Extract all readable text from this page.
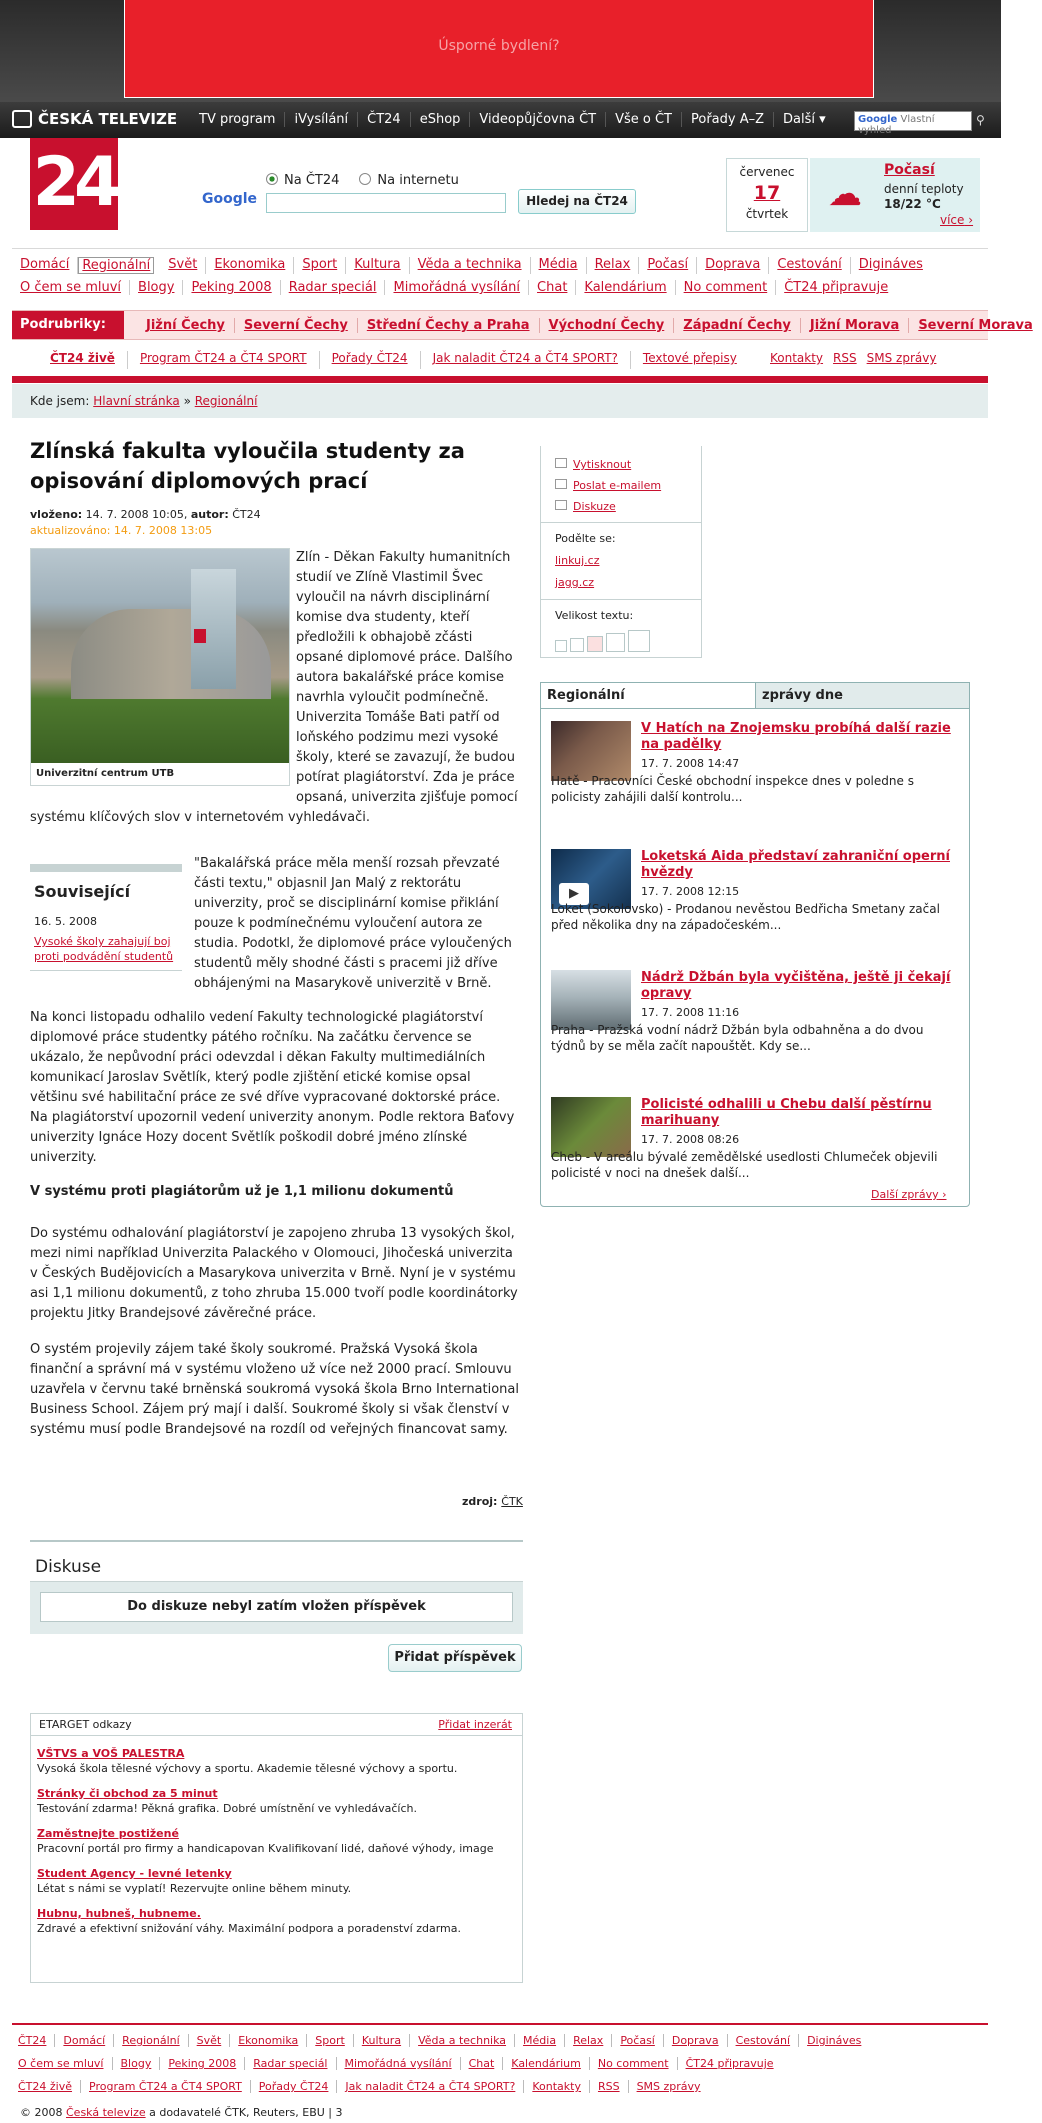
Úsporné bydlení?
ČESKÁ TELEVIZE	TV program	iVysílání	ČT24	eShop	Videopůjčovna ČT	Vše o ČT	Pořady A–Z	Další ▾	Google Vlastní vyhled
⚲
24	Google
Na ČT24	Na internetu
Hledej na ČT24
červenec
17
čtvrtek	☁
Počasí
denní teploty
18/22 °C
více ›
Domácí	Regionální	Svět	Ekonomika	Sport	Kultura	Věda a technika	Média	Relax	Počasí	Doprava	Cestování	Digináves
O čem se mluví	Blogy	Peking 2008	Radar speciál	Mimořádná vysílání	Chat	Kalendárium	No comment	ČT24 připravuje
Podrubriky:	Jižní Čechy	Severní Čechy	Střední Čechy a Praha	Východní Čechy	Západní Čechy	Jižní Morava	Severní Morava
ČT24 živě	Program ČT24 a ČT4 SPORT	Pořady ČT24	Jak naladit ČT24 a ČT4 SPORT?	Textové přepisy	Kontakty RSS SMS zprávy
Kde jsem: Hlavní stránka » Regionální
Zlínská fakulta vyloučila studenty za opisování diplomových prací
vloženo: 14. 7. 2008 10:05, autor: ČT24
aktualizováno: 14. 7. 2008 13:05
Zlín - Děkan Fakulty humanitních studií ve Zlíně Vlastimil Švec vyloučil na návrh disciplinární komise dva studenty, kteří předložili k obhajobě zčásti opsané diplomové práce. Dalšího autora bakalářské práce komise navrhla vyloučit podmínečně. Univerzita Tomáše Bati patří od loňského podzimu mezi vysoké školy, které se zavazují, že budou potírat plagiátorství. Zda je práce opsaná, univerzita zjišťuje pomocí systému klíčových slov v internetovém vyhledávači.
Univerzitní centrum UTB
Související
16. 5. 2008
Vysoké školy zahajují boj proti podvádění studentů
"Bakalářská práce měla menší rozsah převzaté části textu," objasnil Jan Malý z rektorátu univerzity, proč se disciplinární komise přiklání pouze k podmínečnému vyloučení autora ze studia. Podotkl, že diplomové práce vyloučených studentů měly shodné části s pracemi již dříve obhájenými na Masarykově univerzitě v Brně.
Na konci listopadu odhalilo vedení Fakulty technologické plagiátorství diplomové práce studentky pátého ročníku. Na začátku července se ukázalo, že nepůvodní práci odevzdal i děkan Fakulty multimediálních komunikací Jaroslav Světlík, který podle zjištění etické komise opsal většinu své habilitační práce ze své dříve vypracované doktorské práce. Na plagiátorství upozornil vedení univerzity anonym. Podle rektora Baťovy univerzity Ignáce Hozy docent Světlík poškodil dobré jméno zlínské univerzity.
V systému proti plagiátorům už je 1,1 milionu dokumentů
Do systému odhalování plagiátorství je zapojeno zhruba 13 vysokých škol, mezi nimi například Univerzita Palackého v Olomouci, Jihočeská univerzita v Českých Budějovicích a Masarykova univerzita v Brně. Nyní je v systému asi 1,1 milionu dokumentů, z toho zhruba 15.000 tvoří podle koordinátorky projektu Jitky Brandejsové závěrečné práce.
O systém projevily zájem také školy soukromé. Pražská Vysoká škola finanční a správní má v systému vloženo už více než 2000 prací. Smlouvu uzavřela v červnu také brněnská soukromá vysoká škola Brno International Business School. Zájem prý mají i další. Soukromé školy si však členství v systému musí podle Brandejsové na rozdíl od veřejných financovat samy.
zdroj: ČTK
Diskuse
Do diskuze nebyl zatím vložen příspěvek
Přidat příspěvek
ETARGET odkazy	Přidat inzerát
VŠTVS a VOŠ PALESTRA
Vysoká škola tělesné výchovy a sportu. Akademie tělesné výchovy a sportu.
Stránky či obchod za 5 minut
Testování zdarma! Pěkná grafika. Dobré umístnění ve vyhledávačích.
Zaměstnejte postižené
Pracovní portál pro firmy a handicapovan Kvalifikovaní lidé, daňové výhody, image
Student Agency - levné letenky
Létat s námi se vyplatí! Rezervujte online během minuty.
Hubnu, hubneš, hubneme.
Zdravé a efektivní snižování váhy. Maximální podpora a poradenství zdarma.
Vytisknout
Poslat e-mailem
Diskuze
Podělte se:
linkuj.cz
jagg.cz
Velikost textu:
Regionální	zprávy dne
V Hatích na Znojemsku probíhá další razie na padělky
17. 7. 2008 14:47
Hatě - Pracovníci České obchodní inspekce dnes v poledne s policisty zahájili další kontrolu...
▶
Loketská Aida představí zahraniční operní hvězdy
17. 7. 2008 12:15
Loket (Sokolovsko) - Prodanou nevěstou Bedřicha Smetany začal před několika dny na západočeském...
Nádrž Džbán byla vyčištěna, ještě ji čekají opravy
17. 7. 2008 11:16
Praha - Pražská vodní nádrž Džbán byla odbahněna a do dvou týdnů by se měla začít napouštět. Kdy se...
Policisté odhalili u Chebu další pěstírnu marihuany
17. 7. 2008 08:26
Cheb - V areálu bývalé zemědělské usedlosti Chlumeček objevili policisté v noci na dnešek další...
Další zprávy ›
ČT24	Domácí	Regionální	Svět	Ekonomika	Sport	Kultura	Věda a technika	Média	Relax	Počasí	Doprava	Cestování	Digináves
O čem se mluví	Blogy	Peking 2008	Radar speciál	Mimořádná vysílání	Chat	Kalendárium	No comment	ČT24 připravuje
ČT24 živě	Program ČT24 a ČT4 SPORT	Pořady ČT24	Jak naladit ČT24 a ČT4 SPORT?	Kontakty	RSS	SMS zprávy
© 2008 Česká televize a dodavatelé ČTK, Reuters, EBU | 3
